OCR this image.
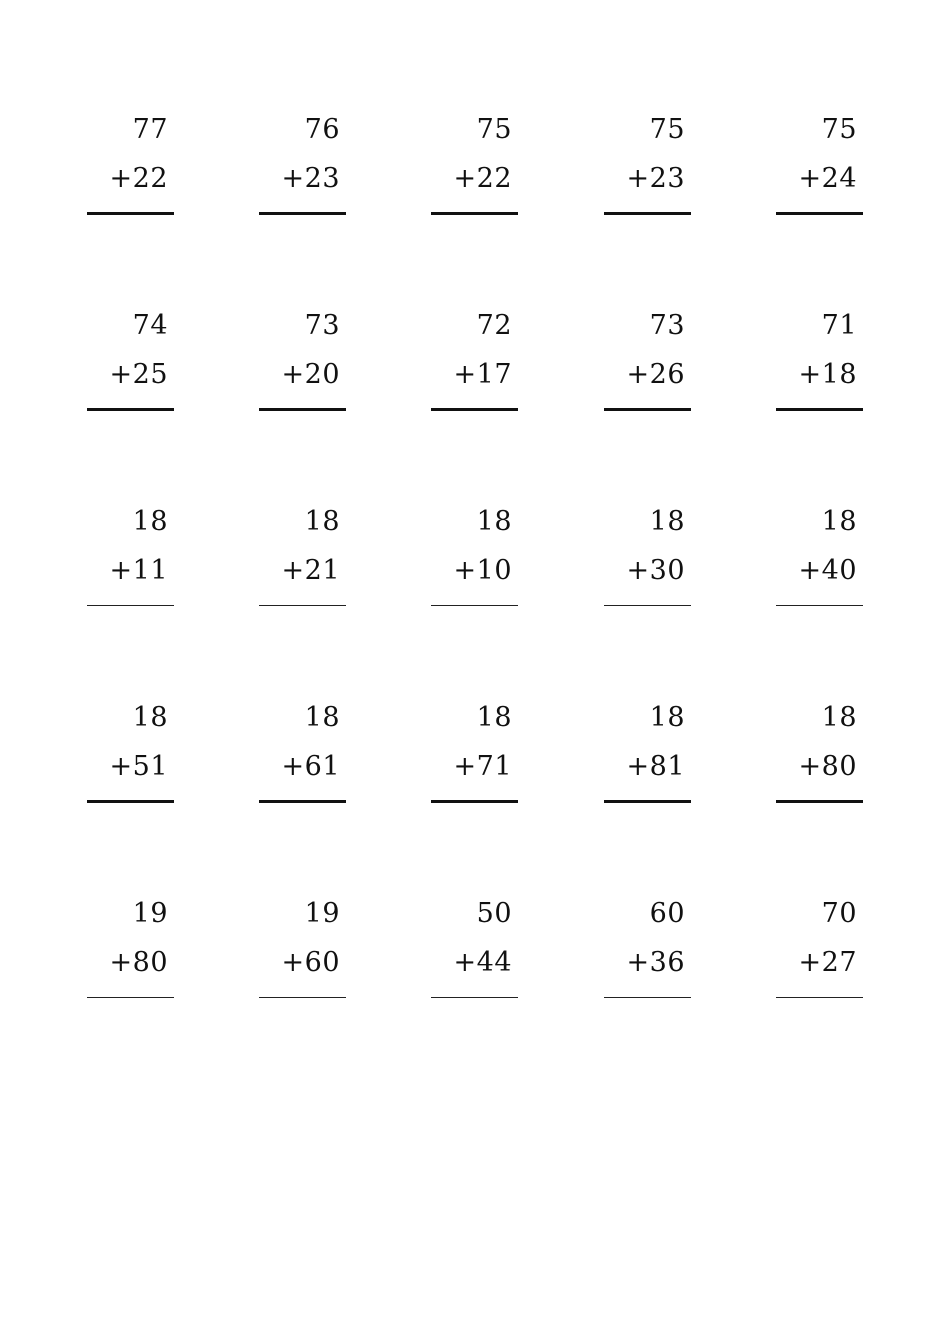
77
+22
76
+23
75
+22
75
+23
75
+24
74
+25
73
+20
72
+17
73
+26
71
+18
18
+11
18
+21
18
+10
18
+30
18
+40
18
+51
18
+61
18
+71
18
+81
18
+80
19
+80
19
+60
50
+44
60
+36
70
+27
